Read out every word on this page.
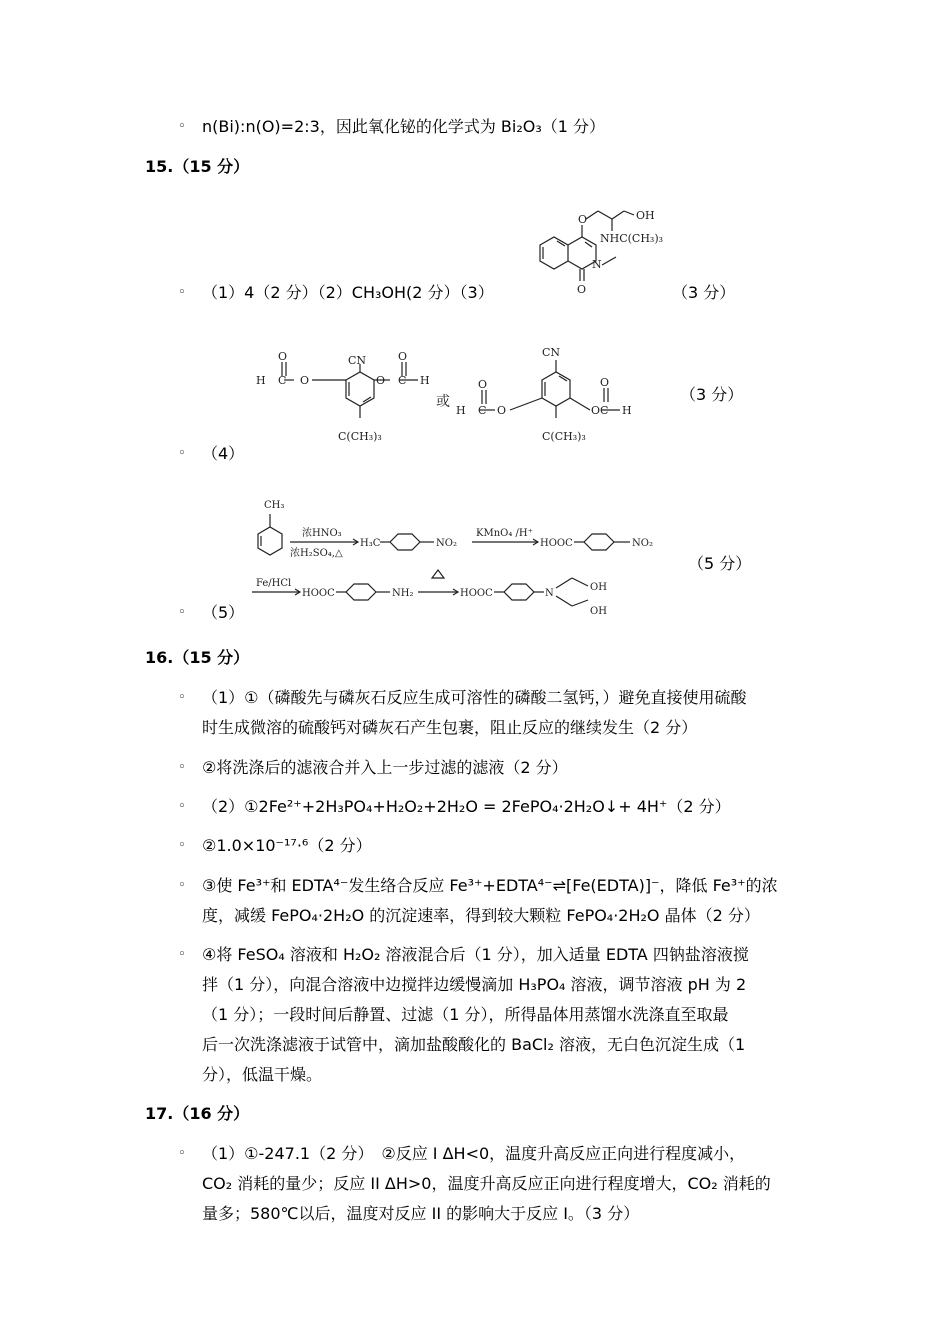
◦ n(Bi):n(O)=2:3，因此氧化铋的化学式为 Bi₂O₃（1 分）
15.（15 分）
◦ （1）4（2 分）（2）CH₃OH(2 分）（3）	（3 分）
O	OH
NHC(CH₃)₃
N
O
O
H C O
CN
O
O
C H
C(CH₃)₃
或
CN
O
H C O	O
O
C H
C(CH₃)₃
（3 分）
◦ （4）
CH₃
浓HNO₃
浓H₂SO₄,△
H₃C	NO₂
KMnO₄ /H⁺
HOOC	NO₂
Fe/HCl
HOOC	NH₂	HOOC	N
OH
OH
（5 分）
◦ （5）
16.（15 分）
◦ （1）①（磷酸先与磷灰石反应生成可溶性的磷酸二氢钙，）避免直接使用硫酸
时生成微溶的硫酸钙对磷灰石产生包裹，阻止反应的继续发生（2 分）
◦ ②将洗涤后的滤液合并入上一步过滤的滤液（2 分）
◦ （2）①2Fe²⁺+2H₃PO₄+H₂O₂+2H₂O = 2FePO₄·2H₂O↓+ 4H⁺（2 分）
◦ ②1.0×10⁻¹⁷·⁶（2 分）
◦ ③使 Fe³⁺和 EDTA⁴⁻发生络合反应 Fe³⁺+EDTA⁴⁻⇌[Fe(EDTA)]⁻，降低 Fe³⁺的浓
度，减缓 FePO₄·2H₂O 的沉淀速率，得到较大颗粒 FePO₄·2H₂O 晶体（2 分）
◦ ④将 FeSO₄ 溶液和 H₂O₂ 溶液混合后（1 分），加入适量 EDTA 四钠盐溶液搅
拌（1 分），向混合溶液中边搅拌边缓慢滴加 H₃PO₄ 溶液，调节溶液 pH 为 2
（1 分）；一段时间后静置、过滤（1 分），所得晶体用蒸馏水洗涤直至取最
后一次洗涤滤液于试管中，滴加盐酸酸化的 BaCl₂ 溶液，无白色沉淀生成（1
分），低温干燥。
17.（16 分）
◦ （1）①-247.1（2 分）　②反应 I ΔH<0，温度升高反应正向进行程度减小，
CO₂ 消耗的量少；反应 II ΔH>0，温度升高反应正向进行程度增大，CO₂ 消耗的
量多；580℃以后，温度对反应 II 的影响大于反应 I。（3 分）
